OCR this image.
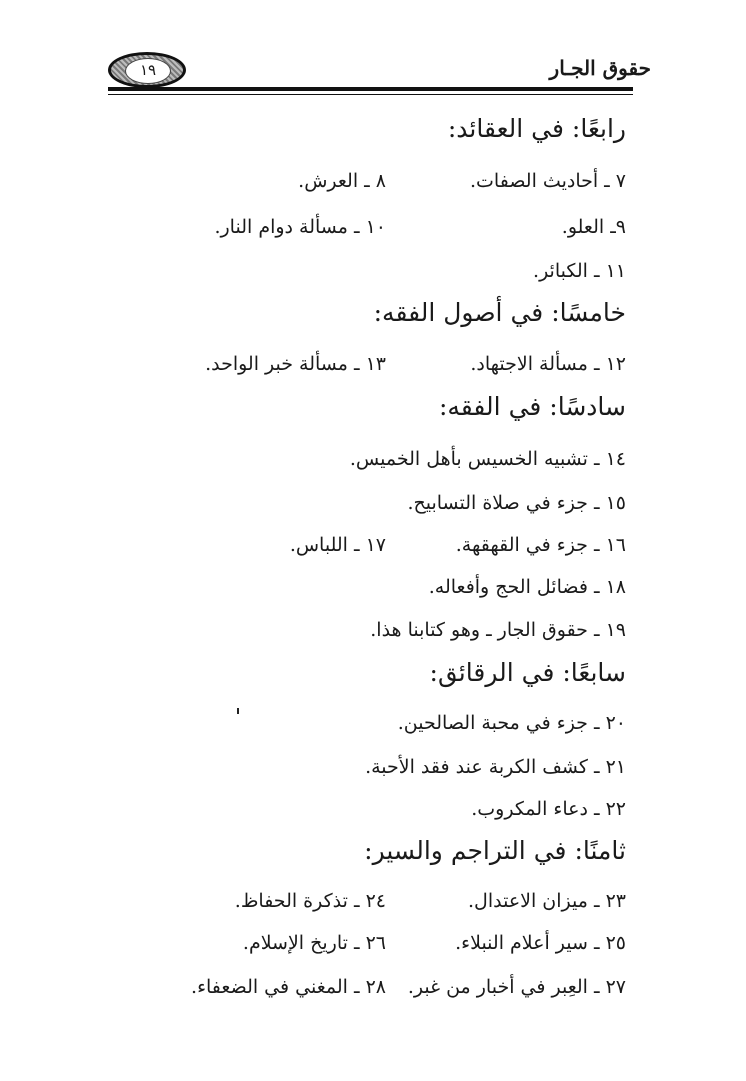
١٩	حقوق الجـار
رابعًا: في العقائد:
٧ ـ أحاديث الصفات.
٨ ـ العرش.
٩ـ العلو.
١٠ ـ مسألة دوام النار.
١١ ـ الكبائر.
خامسًا: في أصول الفقه:
١٢ ـ مسألة الاجتهاد.
١٣ ـ مسألة خبر الواحد.
سادسًا: في الفقه:
١٤ ـ تشبيه الخسيس بأهل الخميس.
١٥ ـ جزء في صلاة التسابيح.
١٦ ـ جزء في القهقهة.
١٧ ـ اللباس.
١٨ ـ فضائل الحج وأفعاله.
١٩ ـ حقوق الجار ـ وهو كتابنا هذا.
سابعًا: في الرقائق:
٢٠ ـ جزء في محبة الصالحين.
٢١ ـ كشف الكربة عند فقد الأحبة.
٢٢ ـ دعاء المكروب.
ثامنًا: في التراجم والسير:
٢٣ ـ ميزان الاعتدال.
٢٤ ـ تذكرة الحفاظ.
٢٥ ـ سير أعلام النبلاء.
٢٦ ـ تاريخ الإسلام.
٢٧ ـ العِبر في أخبار من غبر.
٢٨ ـ المغني في الضعفاء.
